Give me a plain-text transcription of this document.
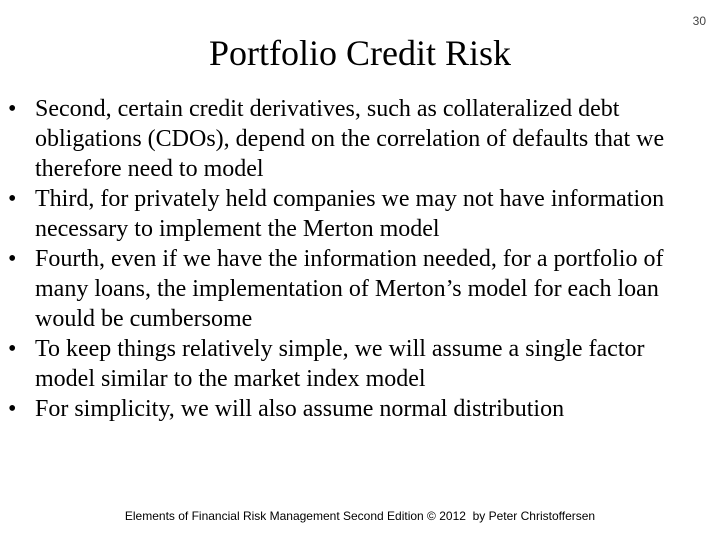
30
Portfolio Credit Risk
• Second, certain credit derivatives, such as collateralized debt obligations (CDOs), depend on the correlation of defaults that we therefore need to model
• Third, for privately held companies we may not have information necessary to implement the Merton model
• Fourth, even if we have the information needed, for a portfolio of many loans, the implementation of Merton’s model for each loan would be cumbersome
• To keep things relatively simple, we will assume a single factor model similar to the market index model
• For simplicity, we will also assume normal distribution
Elements of Financial Risk Management Second Edition © 2012  by Peter Christoffersen
